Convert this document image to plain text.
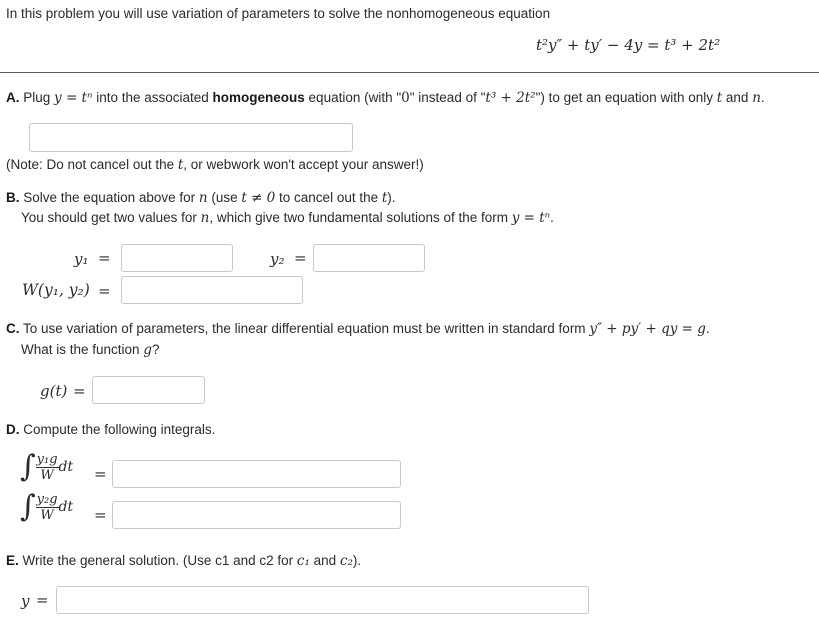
In this problem you will use variation of parameters to solve the nonhomogeneous equation
t²y″ + ty′ − 4y = t³ + 2t²
A. Plug y = tⁿ into the associated homogeneous equation (with "0" instead of "t³ + 2t²") to get an equation with only t and n.
(Note: Do not cancel out the t, or webwork won't accept your answer!)
B. Solve the equation above for n (use t ≠ 0 to cancel out the t).
You should get two values for n, which give two fundamental solutions of the form y = tⁿ.
y₁ =	y₂ =
W(y₁, y₂) =
C. To use variation of parameters, the linear differential equation must be written in standard form y″ + py′ + qy = g.
What is the function g?
g(t) =
D. Compute the following integrals.
∫ $\frac{\text{y₁g}}{W}$ dt =
∫ $\frac{\text{y₂g}}{W}$ dt =
E. Write the general solution. (Use c1 and c2 for c₁ and c₂).
y =
